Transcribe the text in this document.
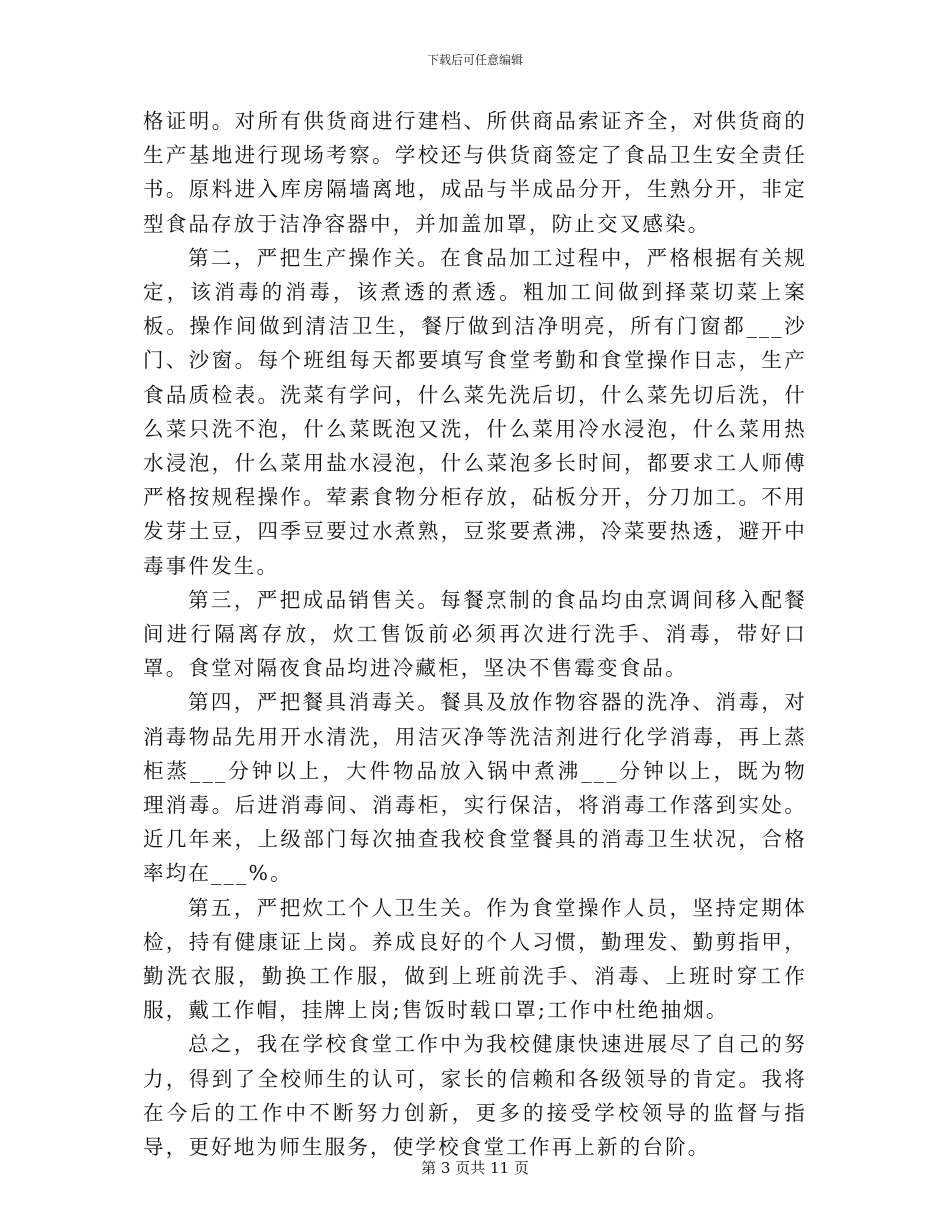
下载后可任意编辑

格证明。对所有供货商进行建档、所供商品索证齐全，对供货商的生产基地进行现场考察。学校还与供货商签定了食品卫生安全责任书。原料进入库房隔墙离地，成品与半成品分开，生熟分开，非定型食品存放于洁净容器中，并加盖加罩，防止交叉感染。

第二，严把生产操作关。在食品加工过程中，严格根据有关规定，该消毒的消毒，该煮透的煮透。粗加工间做到择菜切菜上案板。操作间做到清洁卫生，餐厅做到洁净明亮，所有门窗都___沙门、沙窗。每个班组每天都要填写食堂考勤和食堂操作日志，生产食品质检表。洗菜有学问，什么菜先洗后切，什么菜先切后洗，什么菜只洗不泡，什么菜既泡又洗，什么菜用冷水浸泡，什么菜用热水浸泡，什么菜用盐水浸泡，什么菜泡多长时间，都要求工人师傅严格按规程操作。荤素食物分柜存放，砧板分开，分刀加工。不用发芽土豆，四季豆要过水煮熟，豆浆要煮沸，冷菜要热透，避开中毒事件发生。

第三，严把成品销售关。每餐烹制的食品均由烹调间移入配餐间进行隔离存放，炊工售饭前必须再次进行洗手、消毒，带好口罩。食堂对隔夜食品均进冷藏柜，坚决不售霉变食品。

第四，严把餐具消毒关。餐具及放作物容器的洗净、消毒，对消毒物品先用开水清洗，用洁灭净等洗洁剂进行化学消毒，再上蒸柜蒸___分钟以上，大件物品放入锅中煮沸___分钟以上，既为物理消毒。后进消毒间、消毒柜，实行保洁，将消毒工作落到实处。近几年来，上级部门每次抽查我校食堂餐具的消毒卫生状况，合格率均在___%。

第五，严把炊工个人卫生关。作为食堂操作人员，坚持定期体检，持有健康证上岗。养成良好的个人习惯，勤理发、勤剪指甲，勤洗衣服，勤换工作服，做到上班前洗手、消毒、上班时穿工作服，戴工作帽，挂牌上岗;售饭时载口罩;工作中杜绝抽烟。

总之，我在学校食堂工作中为我校健康快速进展尽了自己的努力，得到了全校师生的认可，家长的信赖和各级领导的肯定。我将在今后的工作中不断努力创新，更多的接受学校领导的监督与指导，更好地为师生服务，使学校食堂工作再上新的台阶。

第 3 页共 11 页
